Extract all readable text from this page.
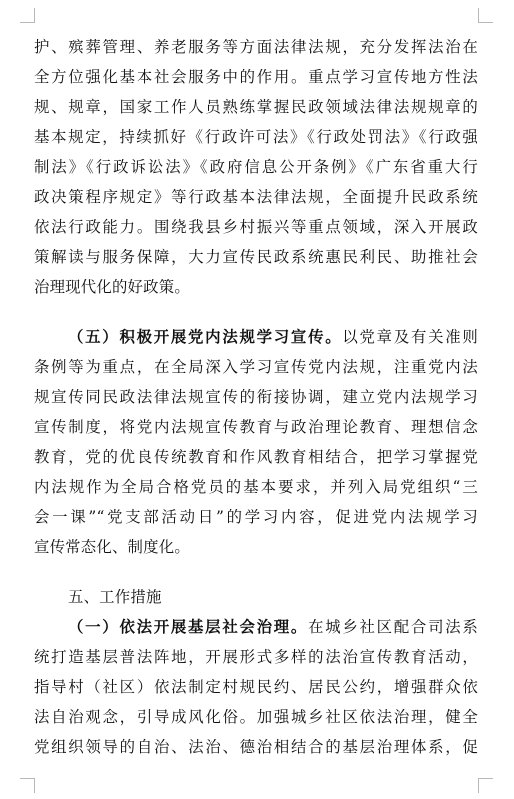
护、殡葬管理、养老服务等方面法律法规，充分发挥法治在
全方位强化基本社会服务中的作用。重点学习宣传地方性法
规、规章，国家工作人员熟练掌握民政领域法律法规规章的
基本规定，持续抓好《行政许可法》《行政处罚法》《行政强
制法》《行政诉讼法》《政府信息公开条例》《广东省重大行
政决策程序规定》等行政基本法律法规，全面提升民政系统
依法行政能力。围绕我县乡村振兴等重点领域，深入开展政
策解读与服务保障，大力宣传民政系统惠民利民、助推社会
治理现代化的好政策。
（五）积极开展党内法规学习宣传。以党章及有关准则
条例等为重点，在全局深入学习宣传党内法规，注重党内法
规宣传同民政法律法规宣传的衔接协调，建立党内法规学习
宣传制度，将党内法规宣传教育与政治理论教育、理想信念
教育，党的优良传统教育和作风教育相结合，把学习掌握党
内法规作为全局合格党员的基本要求，并列入局党组织“三
会一课”“党支部活动日”的学习内容，促进党内法规学习
宣传常态化、制度化。
五、工作措施
（一）依法开展基层社会治理。在城乡社区配合司法系
统打造基层普法阵地，开展形式多样的法治宣传教育活动，
指导村（社区）依法制定村规民约、居民公约，增强群众依
法自治观念，引导成风化俗。加强城乡社区依法治理，健全
党组织领导的自治、法治、德治相结合的基层治理体系，促
